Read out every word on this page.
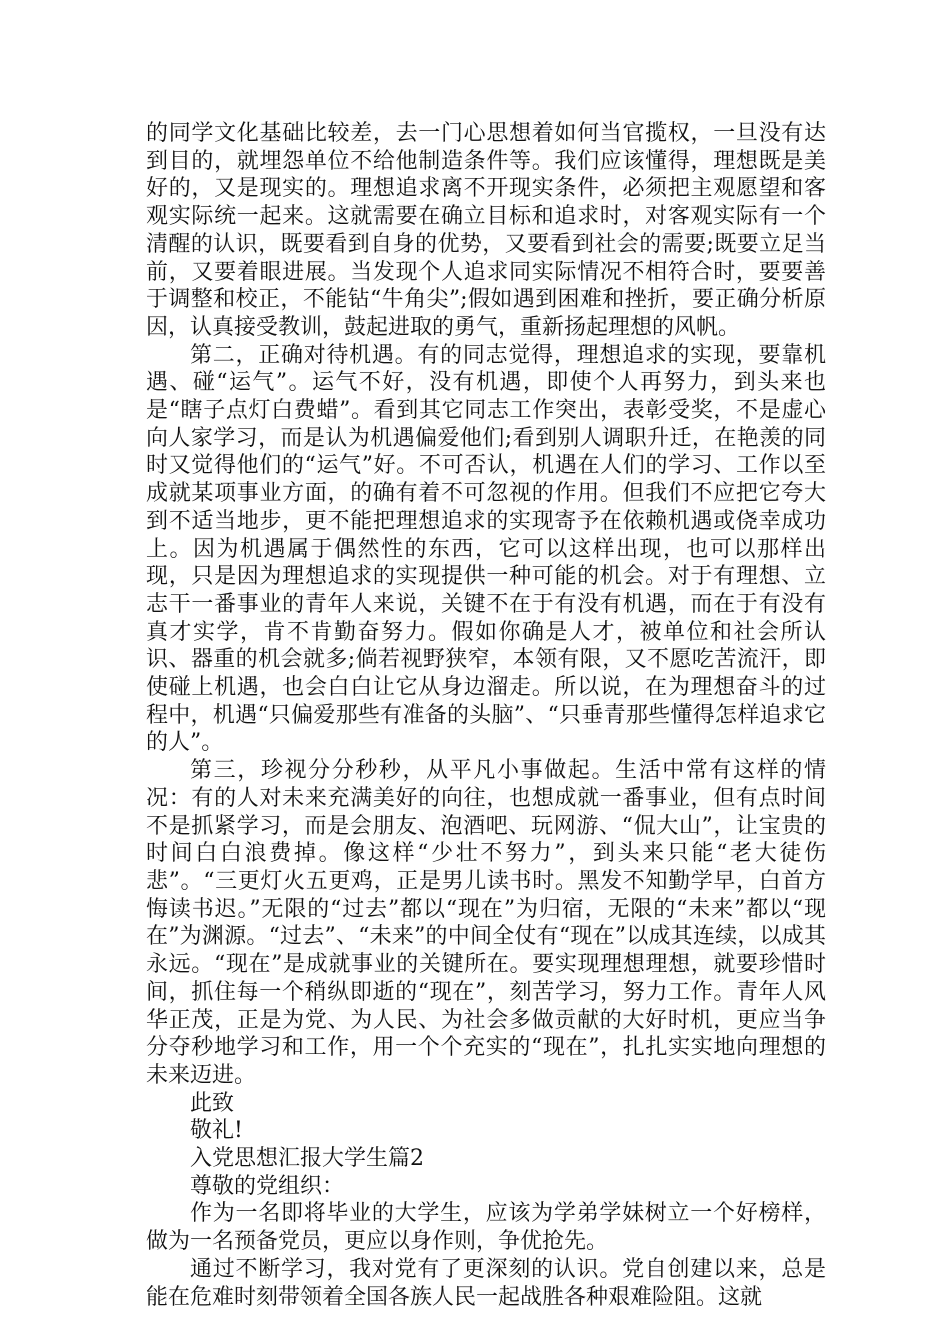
的同学文化基础比较差，去一门心思想着如何当官揽权，一旦没有达到目的，就埋怨单位不给他制造条件等。我们应该懂得，理想既是美好的，又是现实的。理想追求离不开现实条件，必须把主观愿望和客观实际统一起来。这就需要在确立目标和追求时，对客观实际有一个清醒的认识，既要看到自身的优势，又要看到社会的需要;既要立足当前，又要着眼进展。当发现个人追求同实际情况不相符合时，要要善于调整和校正，不能钻“牛角尖”;假如遇到困难和挫折，要正确分析原因，认真接受教训，鼓起进取的勇气，重新扬起理想的风帆。

第二，正确对待机遇。有的同志觉得，理想追求的实现，要靠机遇、碰“运气”。运气不好，没有机遇，即使个人再努力，到头来也是“瞎子点灯白费蜡”。看到其它同志工作突出，表彰受奖，不是虚心向人家学习，而是认为机遇偏爱他们;看到别人调职升迁，在艳羡的同时又觉得他们的“运气”好。不可否认，机遇在人们的学习、工作以至成就某项事业方面，的确有着不可忽视的作用。但我们不应把它夸大到不适当地步，更不能把理想追求的实现寄予在依赖机遇或侥幸成功上。因为机遇属于偶然性的东西，它可以这样出现，也可以那样出现，只是因为理想追求的实现提供一种可能的机会。对于有理想、立志干一番事业的青年人来说，关键不在于有没有机遇，而在于有没有真才实学，肯不肯勤奋努力。假如你确是人才，被单位和社会所认识、器重的机会就多;倘若视野狭窄，本领有限，又不愿吃苦流汗，即使碰上机遇，也会白白让它从身边溜走。所以说，在为理想奋斗的过程中，机遇“只偏爱那些有准备的头脑”、“只垂青那些懂得怎样追求它的人”。

第三，珍视分分秒秒，从平凡小事做起。生活中常有这样的情况：有的人对未来充满美好的向往，也想成就一番事业，但有点时间不是抓紧学习，而是会朋友、泡酒吧、玩网游、“侃大山”，让宝贵的时间白白浪费掉。像这样“少壮不努力”，到头来只能“老大徒伤悲”。“三更灯火五更鸡，正是男儿读书时。黑发不知勤学早，白首方悔读书迟。”无限的“过去”都以“现在”为归宿，无限的“未来”都以“现在”为渊源。“过去”、“未来”的中间全仗有“现在”以成其连续，以成其永远。“现在”是成就事业的关键所在。要实现理想理想，就要珍惜时间，抓住每一个稍纵即逝的“现在”，刻苦学习，努力工作。青年人风华正茂，正是为党、为人民、为社会多做贡献的大好时机，更应当争分夺秒地学习和工作，用一个个充实的“现在”，扎扎实实地向理想的未来迈进。

此致

敬礼!

入党思想汇报大学生篇2

尊敬的党组织：

作为一名即将毕业的大学生，应该为学弟学妹树立一个好榜样，做为一名预备党员，更应以身作则，争优抢先。

通过不断学习，我对党有了更深刻的认识。党自创建以来，总是能在危难时刻带领着全国各族人民一起战胜各种艰难险阻。这就
